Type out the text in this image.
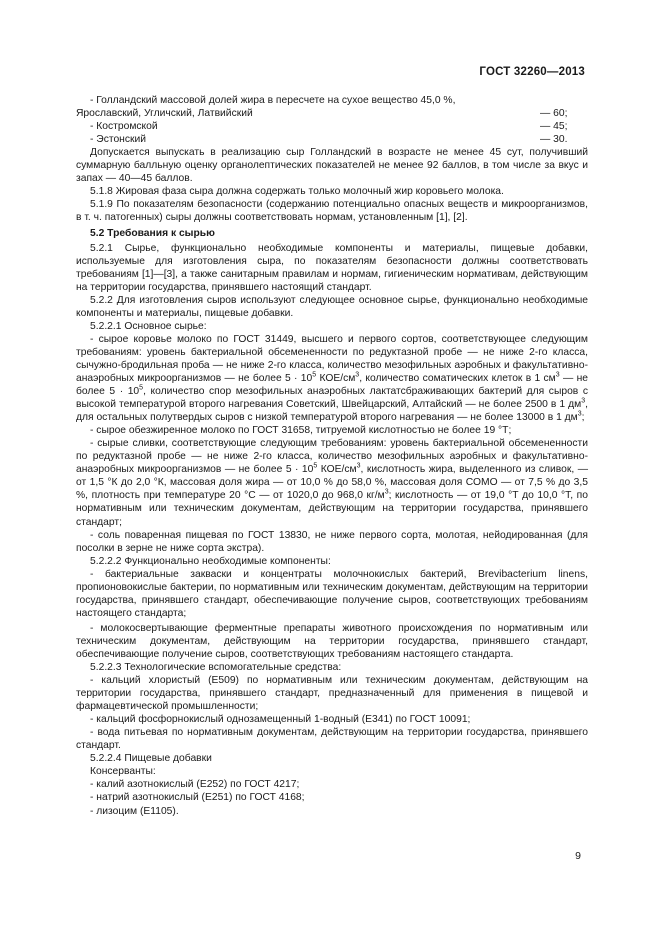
ГОСТ 32260—2013

- Голландский массовой долей жира в пересчете на сухое вещество 45,0 %,

Ярославский, Угличский, Латвийский	— 60;
- Костромской	— 45;
- Эстонский	— 30.

Допускается выпускать в реализацию сыр Голландский в возрасте не менее 45 сут, получивший суммарную балльную оценку органолептических показателей не менее 92 баллов, в том числе за вкус и запах — 40—45 баллов.

5.1.8 Жировая фаза сыра должна содержать только молочный жир коровьего молока.

5.1.9 По показателям безопасности (содержанию потенциально опасных веществ и микроорганизмов, в т. ч. патогенных) сыры должны соответствовать нормам, установленным [1], [2].

5.2 Требования к сырью

5.2.1 Сырье, функционально необходимые компоненты и материалы, пищевые добавки, используемые для изготовления сыра, по показателям безопасности должны соответствовать требованиям [1]—[3], а также санитарным правилам и нормам, гигиеническим нормативам, действующим на территории государства, принявшего настоящий стандарт.

5.2.2 Для изготовления сыров используют следующее основное сырье, функционально необходимые компоненты и материалы, пищевые добавки.

5.2.2.1 Основное сырье:

- сырое коровье молоко по ГОСТ 31449, высшего и первого сортов, соответствующее следующим требованиям: уровень бактериальной обсемененности по редуктазной пробе — не ниже 2-го класса, сычужно-бродильная проба — не ниже 2-го класса, количество мезофильных аэробных и факультативно-анаэробных микроорганизмов — не более $5 \cdot 10^5$ КОЕ/$см^3$, количество соматических клеток в 1 $см^3$ — не более $5 \cdot 10^5$, количество спор мезофильных анаэробных лактатсбраживающих бактерий для сыров с высокой температурой второго нагревания Советский, Швейцарский, Алтайский — не более 2500 в 1 $дм^3$, для остальных полутвердых сыров с низкой температурой второго нагревания — не более 13000 в 1 $дм^3$;

- сырое обезжиренное молоко по ГОСТ 31658, титруемой кислотностью не более 19 °Т;

- сырые сливки, соответствующие следующим требованиям: уровень бактериальной обсемененности по редуктазной пробе — не ниже 2-го класса, количество мезофильных аэробных и факультативно-анаэробных микроорганизмов — не более $5 \cdot 10^5$ КОЕ/$см^3$, кислотность жира, выделенного из сливок, — от 1,5 °К до 2,0 °К, массовая доля жира — от 10,0 % до 58,0 %, массовая доля СОМО — от 7,5 % до 3,5 %, плотность при температуре 20 °С — от 1020,0 до 968,0 $кг/м^3$; кислотность — от 19,0 °Т до 10,0 °Т, по нормативным или техническим документам, действующим на территории государства, принявшего стандарт;

- соль поваренная пищевая по ГОСТ 13830, не ниже первого сорта, молотая, нейодированная (для посолки в зерне не ниже сорта экстра).

5.2.2.2 Функционально необходимые компоненты:

- бактериальные закваски и концентраты молочнокислых бактерий, Brevibacterium linens, пропионовокислые бактерии, по нормативным или техническим документам, действующим на территории государства, принявшего стандарт, обеспечивающие получение сыров, соответствующих требованиям настоящего стандарта;

- молокосвертывающие ферментные препараты животного происхождения по нормативным или техническим документам, действующим на территории государства, принявшего стандарт, обеспечивающие получение сыров, соответствующих требованиям настоящего стандарта.

5.2.2.3 Технологические вспомогательные средства:

- кальций хлористый (Е509) по нормативным или техническим документам, действующим на территории государства, принявшего стандарт, предназначенный для применения в пищевой и фармацевтической промышленности;

- кальций фосфорнокислый однозамещенный 1-водный (Е341) по ГОСТ 10091;

- вода питьевая по нормативным документам, действующим на территории государства, принявшего стандарт.

5.2.2.4 Пищевые добавки

Консерванты:

- калий азотнокислый (Е252) по ГОСТ 4217;

- натрий азотнокислый (Е251) по ГОСТ 4168;

- лизоцим (Е1105).

9
